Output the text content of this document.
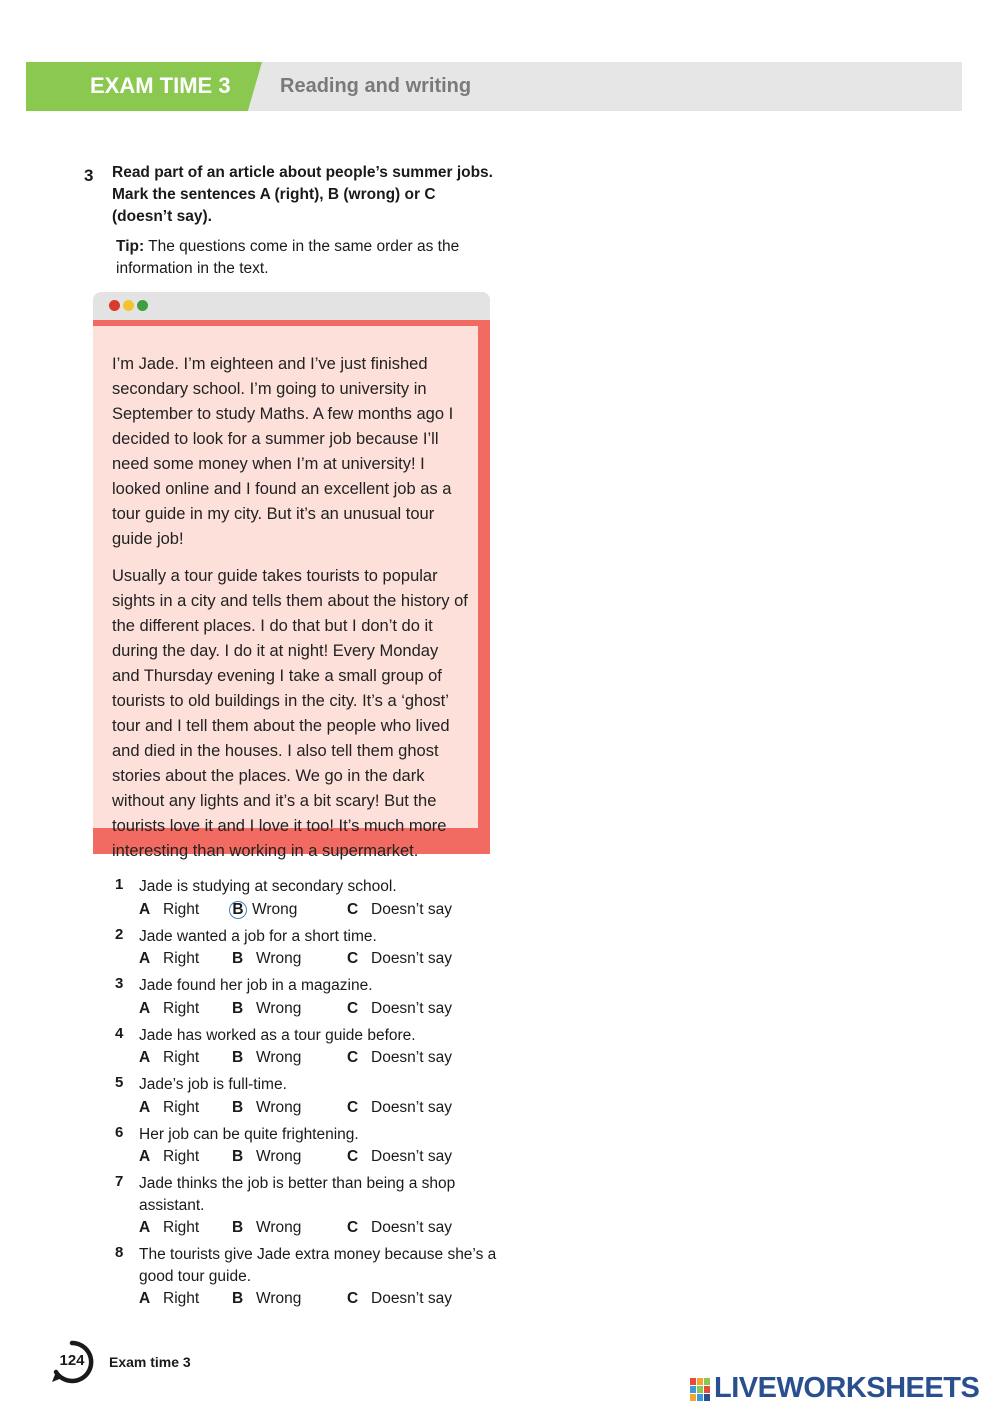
EXAM TIME 3 Reading and writing
3 Read part of an article about people’s summer jobs. Mark the sentences A (right), B (wrong) or C (doesn’t say).
Tip: The questions come in the same order as the information in the text.

I’m Jade. I’m eighteen and I’ve just finished secondary school. I’m going to university in September to study Maths. A few months ago I decided to look for a summer job because I’ll need some money when I’m at university! I looked online and I found an excellent job as a tour guide in my city. But it’s an unusual tour guide job!

Usually a tour guide takes tourists to popular sights in a city and tells them about the history of the different places. I do that but I don’t do it during the day. I do it at night! Every Monday and Thursday evening I take a small group of tourists to old buildings in the city. It’s a ‘ghost’ tour and I tell them about the people who lived and died in the houses. I also tell them ghost stories about the places. We go in the dark without any lights and it’s a bit scary! But the tourists love it and I love it too! It’s much more interesting than working in a supermarket.

1 Jade is studying at secondary school.
A Right B Wrong	C Doesn’t say
2 Jade wanted a job for a short time.
A Right B Wrong	C Doesn’t say
3 Jade found her job in a magazine.
A Right B Wrong	C Doesn’t say
4 Jade has worked as a tour guide before.
A Right B Wrong	C Doesn’t say
5 Jade’s job is full-time.
A Right B Wrong	C Doesn’t say
6 Her job can be quite frightening.
A Right B Wrong	C Doesn’t say
7 Jade thinks the job is better than being a shop assistant.
A Right B Wrong	C Doesn’t say
8 The tourists give Jade extra money because she’s a good tour guide.
A Right B Wrong	C Doesn’t say
124	Exam time 3
LIVEWORKSHEETS
